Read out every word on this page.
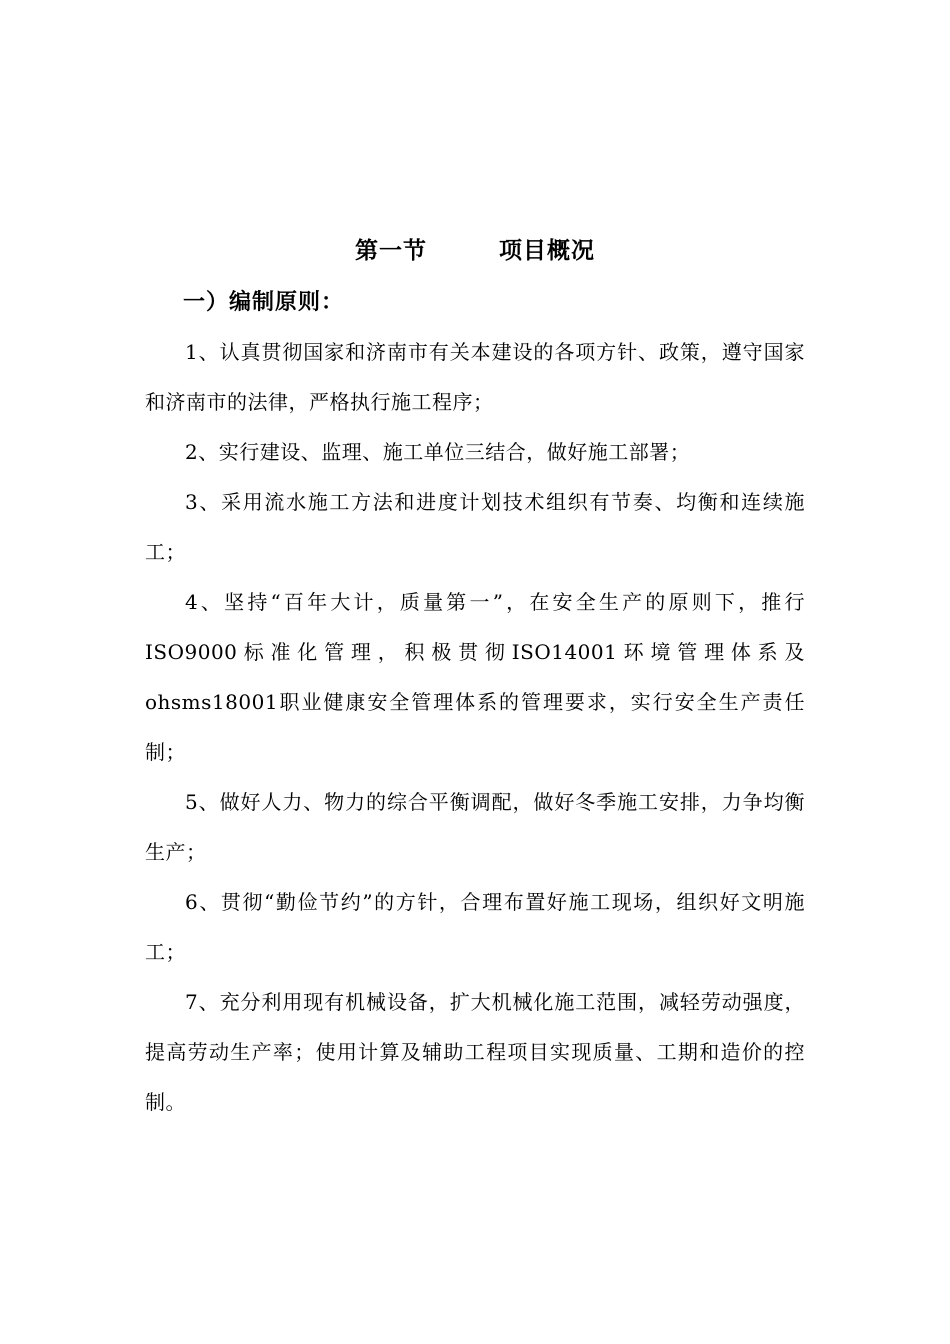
第一节        项目概况
一）编制原则：

1、认真贯彻国家和济南市有关本建设的各项方针、政策，遵守国家和济南市的法律，严格执行施工程序；

2、实行建设、监理、施工单位三结合，做好施工部署；

3、采用流水施工方法和进度计划技术组织有节奏、均衡和连续施工；

4、坚持“百年大计，质量第一”，在安全生产的原则下，推行ISO9000标准化管理，积极贯彻ISO14001环境管理体系及ohsms18001职业健康安全管理体系的管理要求，实行安全生产责任制；

5、做好人力、物力的综合平衡调配，做好冬季施工安排，力争均衡生产；

6、贯彻“勤俭节约”的方针，合理布置好施工现场，组织好文明施工；

7、充分利用现有机械设备，扩大机械化施工范围，减轻劳动强度，提高劳动生产率；使用计算及辅助工程项目实现质量、工期和造价的控制。
